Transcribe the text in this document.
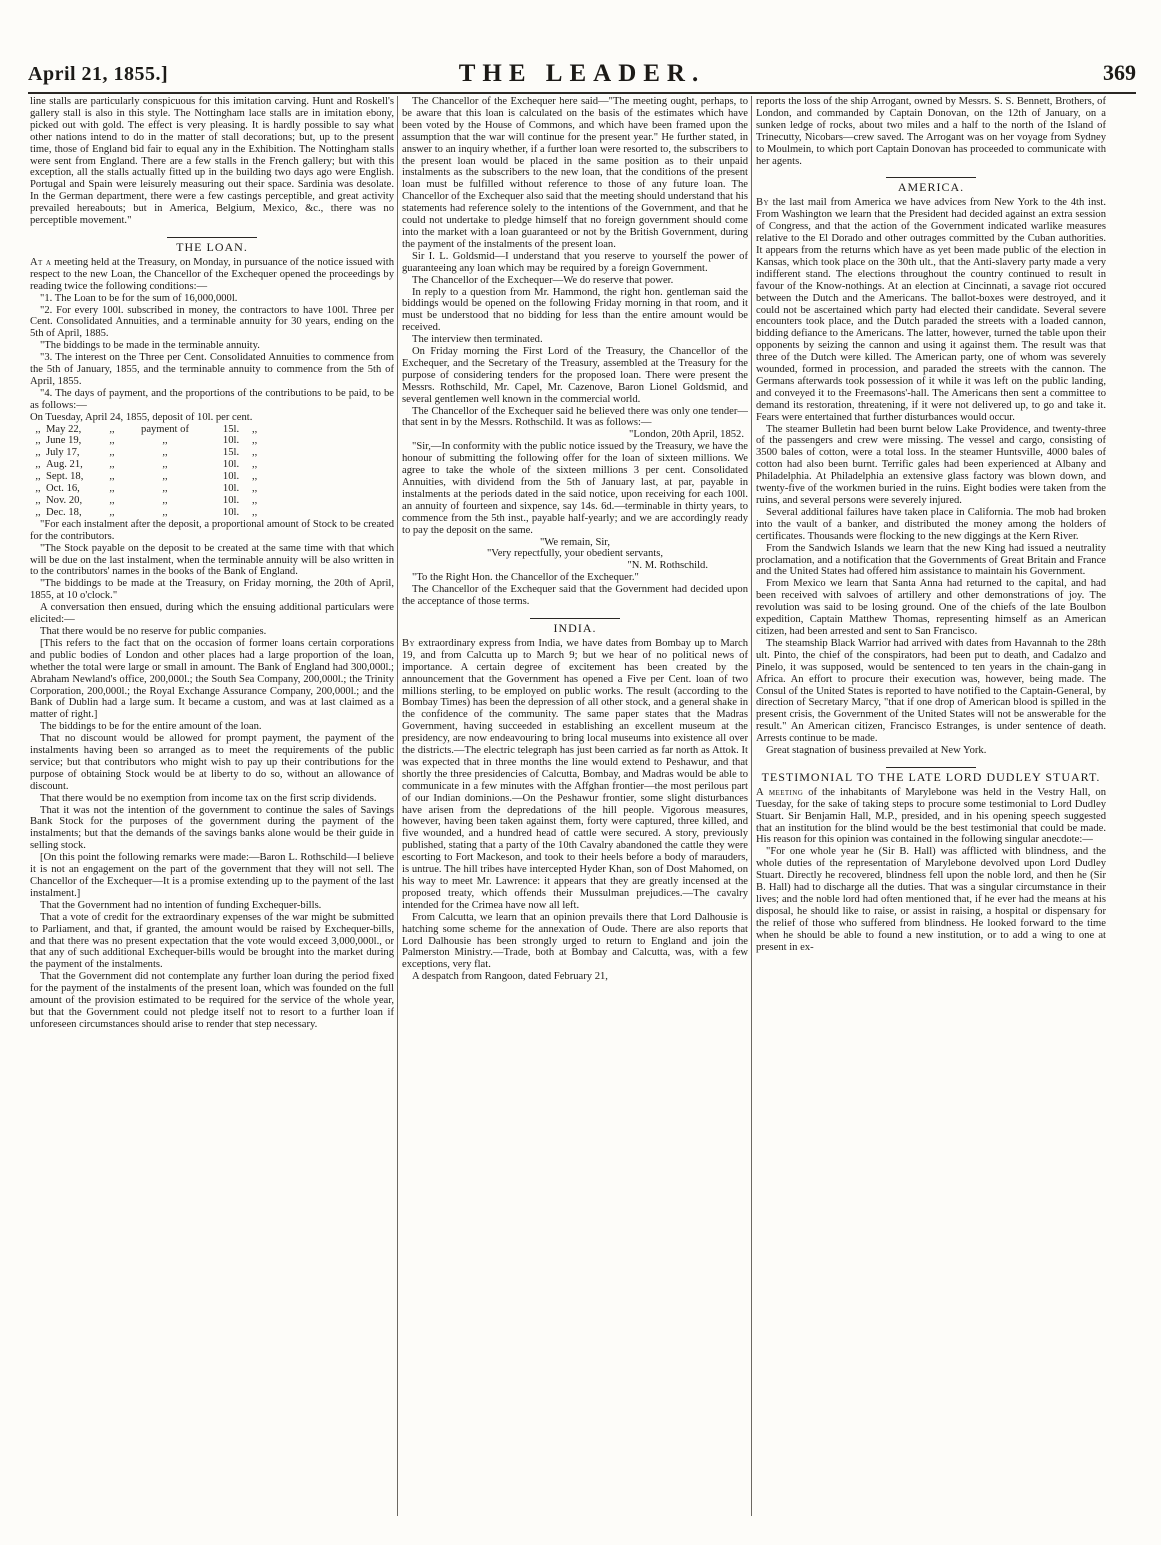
April 21, 1855.]	THE LEADER.	369

line stalls are particularly conspicuous for this imitation carving. Hunt and Roskell's gallery stall is also in this style. The Nottingham lace stalls are in imitation ebony, picked out with gold. The effect is very pleasing. It is hardly possible to say what other nations intend to do in the matter of stall decorations; but, up to the present time, those of England bid fair to equal any in the Exhibition. The Nottingham stalls were sent from England. There are a few stalls in the French gallery; but with this exception, all the stalls actually fitted up in the building two days ago were English. Portugal and Spain were leisurely measuring out their space. Sardinia was desolate. In the German department, there were a few castings perceptible, and great activity prevailed hereabouts; but in America, Belgium, Mexico, &c., there was no perceptible movement."

THE LOAN.

At a meeting held at the Treasury, on Monday, in pursuance of the notice issued with respect to the new Loan, the Chancellor of the Exchequer opened the proceedings by reading twice the following conditions:—

"1. The Loan to be for the sum of 16,000,000l.

"2. For every 100l. subscribed in money, the contractors to have 100l. Three per Cent. Consolidated Annuities, and a terminable annuity for 30 years, ending on the 5th of April, 1885.

"The biddings to be made in the terminable annuity.

"3. The interest on the Three per Cent. Consolidated Annuities to commence from the 5th of January, 1855, and the terminable annuity to commence from the 5th of April, 1855.

"4. The days of payment, and the proportions of the contributions to be paid, to be as follows:—

On Tuesday, April 24, 1855, deposit of 10l. per cent.

,,	May 22,	,,	payment of	15l.	,,
,,	June 19,	,,	,,	10l.	,,
,,	July 17,	,,	,,	15l.	,,
,,	Aug. 21,	,,	,,	10l.	,,
,,	Sept. 18,	,,	,,	10l.	,,
,,	Oct. 16,	,,	,,	10l.	,,
,,	Nov. 20,	,,	,,	10l.	,,
,,	Dec. 18,	,,	,,	10l.	,,

"For each instalment after the deposit, a proportional amount of Stock to be created for the contributors.

"The Stock payable on the deposit to be created at the same time with that which will be due on the last instalment, when the terminable annuity will be also written in to the contributors' names in the books of the Bank of England.

"The biddings to be made at the Treasury, on Friday morning, the 20th of April, 1855, at 10 o'clock."

A conversation then ensued, during which the ensuing additional particulars were elicited:—

That there would be no reserve for public companies.

[This refers to the fact that on the occasion of former loans certain corporations and public bodies of London and other places had a large proportion of the loan, whether the total were large or small in amount. The Bank of England had 300,000l.; Abraham Newland's office, 200,000l.; the South Sea Company, 200,000l.; the Trinity Corporation, 200,000l.; the Royal Exchange Assurance Company, 200,000l.; and the Bank of Dublin had a large sum. It became a custom, and was at last claimed as a matter of right.]

The biddings to be for the entire amount of the loan.

That no discount would be allowed for prompt payment, the payment of the instalments having been so arranged as to meet the requirements of the public service; but that contributors who might wish to pay up their contributions for the purpose of obtaining Stock would be at liberty to do so, without an allowance of discount.

That there would be no exemption from income tax on the first scrip dividends.

That it was not the intention of the government to continue the sales of Savings Bank Stock for the purposes of the government during the payment of the instalments; but that the demands of the savings banks alone would be their guide in selling stock.

[On this point the following remarks were made:—Baron L. Rothschild—I believe it is not an engagement on the part of the government that they will not sell. The Chancellor of the Exchequer—It is a promise extending up to the payment of the last instalment.]

That the Government had no intention of funding Exchequer-bills.

That a vote of credit for the extraordinary expenses of the war might be submitted to Parliament, and that, if granted, the amount would be raised by Exchequer-bills, and that there was no present expectation that the vote would exceed 3,000,000l., or that any of such additional Exchequer-bills would be brought into the market during the payment of the instalments.

That the Government did not contemplate any further loan during the period fixed for the payment of the instalments of the present loan, which was founded on the full amount of the provision estimated to be required for the service of the whole year, but that the Government could not pledge itself not to resort to a further loan if unforeseen circumstances should arise to render that step necessary.

The Chancellor of the Exchequer here said—"The meeting ought, perhaps, to be aware that this loan is calculated on the basis of the estimates which have been voted by the House of Commons, and which have been framed upon the assumption that the war will continue for the present year." He further stated, in answer to an inquiry whether, if a further loan were resorted to, the subscribers to the present loan would be placed in the same position as to their unpaid instalments as the subscribers to the new loan, that the conditions of the present loan must be fulfilled without reference to those of any future loan. The Chancellor of the Exchequer also said that the meeting should understand that his statements had reference solely to the intentions of the Government, and that he could not undertake to pledge himself that no foreign government should come into the market with a loan guaranteed or not by the British Government, during the payment of the instalments of the present loan.

Sir I. L. Goldsmid—I understand that you reserve to yourself the power of guaranteeing any loan which may be required by a foreign Government.

The Chancellor of the Exchequer—We do reserve that power.

In reply to a question from Mr. Hammond, the right hon. gentleman said the biddings would be opened on the following Friday morning in that room, and it must be understood that no bidding for less than the entire amount would be received.

The interview then terminated.

On Friday morning the First Lord of the Treasury, the Chancellor of the Exchequer, and the Secretary of the Treasury, assembled at the Treasury for the purpose of considering tenders for the proposed loan. There were present the Messrs. Rothschild, Mr. Capel, Mr. Cazenove, Baron Lionel Goldsmid, and several gentlemen well known in the commercial world.

The Chancellor of the Exchequer said he believed there was only one tender—that sent in by the Messrs. Rothschild. It was as follows:—

"London, 20th April, 1852.

"Sir,—In conformity with the public notice issued by the Treasury, we have the honour of submitting the following offer for the loan of sixteen millions. We agree to take the whole of the sixteen millions 3 per cent. Consolidated Annuities, with dividend from the 5th of January last, at par, payable in instalments at the periods dated in the said notice, upon receiving for each 100l. an annuity of fourteen and sixpence, say 14s. 6d.—terminable in thirty years, to commence from the 5th inst., payable half-yearly; and we are accordingly ready to pay the deposit on the same.

"We remain, Sir,

"Very repectfully, your obedient servants,

"N. M. Rothschild.

"To the Right Hon. the Chancellor of the Exchequer."

The Chancellor of the Exchequer said that the Government had decided upon the acceptance of those terms.

INDIA.

By extraordinary express from India, we have dates from Bombay up to March 19, and from Calcutta up to March 9; but we hear of no political news of importance. A certain degree of excitement has been created by the announcement that the Government has opened a Five per Cent. loan of two millions sterling, to be employed on public works. The result (according to the Bombay Times) has been the depression of all other stock, and a general shake in the confidence of the community. The same paper states that the Madras Government, having succeeded in establishing an excellent museum at the presidency, are now endeavouring to bring local museums into existence all over the districts.—The electric telegraph has just been carried as far north as Attok. It was expected that in three months the line would extend to Peshawur, and that shortly the three presidencies of Calcutta, Bombay, and Madras would be able to communicate in a few minutes with the Affghan frontier—the most perilous part of our Indian dominions.—On the Peshawur frontier, some slight disturbances have arisen from the depredations of the hill people. Vigorous measures, however, having been taken against them, forty were captured, three killed, and five wounded, and a hundred head of cattle were secured. A story, previously published, stating that a party of the 10th Cavalry abandoned the cattle they were escorting to Fort Mackeson, and took to their heels before a body of marauders, is untrue. The hill tribes have intercepted Hyder Khan, son of Dost Mahomed, on his way to meet Mr. Lawrence: it appears that they are greatly incensed at the proposed treaty, which offends their Mussulman prejudices.—The cavalry intended for the Crimea have now all left.

From Calcutta, we learn that an opinion prevails there that Lord Dalhousie is hatching some scheme for the annexation of Oude. There are also reports that Lord Dalhousie has been strongly urged to return to England and join the Palmerston Ministry.—Trade, both at Bombay and Calcutta, was, with a few exceptions, very flat.

A despatch from Rangoon, dated February 21,

reports the loss of the ship Arrogant, owned by Messrs. S. S. Bennett, Brothers, of London, and commanded by Captain Donovan, on the 12th of January, on a sunken ledge of rocks, about two miles and a half to the north of the Island of Trinecutty, Nicobars—crew saved. The Arrogant was on her voyage from Sydney to Moulmein, to which port Captain Donovan has proceeded to communicate with her agents.

AMERICA.

By the last mail from America we have advices from New York to the 4th inst. From Washington we learn that the President had decided against an extra session of Congress, and that the action of the Government indicated warlike measures relative to the El Dorado and other outrages committed by the Cuban authorities. It appears from the returns which have as yet been made public of the election in Kansas, which took place on the 30th ult., that the Anti-slavery party made a very indifferent stand. The elections throughout the country continued to result in favour of the Know-nothings. At an election at Cincinnati, a savage riot occured between the Dutch and the Americans. The ballot-boxes were destroyed, and it could not be ascertained which party had elected their candidate. Several severe encounters took place, and the Dutch paraded the streets with a loaded cannon, bidding defiance to the Americans. The latter, however, turned the table upon their opponents by seizing the cannon and using it against them. The result was that three of the Dutch were killed. The American party, one of whom was severely wounded, formed in procession, and paraded the streets with the cannon. The Germans afterwards took possession of it while it was left on the public landing, and conveyed it to the Freemasons'-hall. The Americans then sent a committee to demand its restoration, threatening, if it were not delivered up, to go and take it. Fears were entertained that further disturbances would occur.

The steamer Bulletin had been burnt below Lake Providence, and twenty-three of the passengers and crew were missing. The vessel and cargo, consisting of 3500 bales of cotton, were a total loss. In the steamer Huntsville, 4000 bales of cotton had also been burnt. Terrific gales had been experienced at Albany and Philadelphia. At Philadelphia an extensive glass factory was blown down, and twenty-five of the workmen buried in the ruins. Eight bodies were taken from the ruins, and several persons were severely injured.

Several additional failures have taken place in California. The mob had broken into the vault of a banker, and distributed the money among the holders of certificates. Thousands were flocking to the new diggings at the Kern River.

From the Sandwich Islands we learn that the new King had issued a neutrality proclamation, and a notification that the Governments of Great Britain and France and the United States had offered him assistance to maintain his Government.

From Mexico we learn that Santa Anna had returned to the capital, and had been received with salvoes of artillery and other demonstrations of joy. The revolution was said to be losing ground. One of the chiefs of the late Boulbon expedition, Captain Matthew Thomas, representing himself as an American citizen, had been arrested and sent to San Francisco.

The steamship Black Warrior had arrived with dates from Havannah to the 28th ult. Pinto, the chief of the conspirators, had been put to death, and Cadalzo and Pinelo, it was supposed, would be sentenced to ten years in the chain-gang in Africa. An effort to procure their execution was, however, being made. The Consul of the United States is reported to have notified to the Captain-General, by direction of Secretary Marcy, "that if one drop of American blood is spilled in the present crisis, the Government of the United States will not be answerable for the result." An American citizen, Francisco Estranges, is under sentence of death. Arrests continue to be made.

Great stagnation of business prevailed at New York.

TESTIMONIAL TO THE LATE LORD DUDLEY STUART.

A meeting of the inhabitants of Marylebone was held in the Vestry Hall, on Tuesday, for the sake of taking steps to procure some testimonial to Lord Dudley Stuart. Sir Benjamin Hall, M.P., presided, and in his opening speech suggested that an institution for the blind would be the best testimonial that could be made. His reason for this opinion was contained in the following singular anecdote:—

"For one whole year he (Sir B. Hall) was afflicted with blindness, and the whole duties of the representation of Marylebone devolved upon Lord Dudley Stuart. Directly he recovered, blindness fell upon the noble lord, and then he (Sir B. Hall) had to discharge all the duties. That was a singular circumstance in their lives; and the noble lord had often mentioned that, if he ever had the means at his disposal, he should like to raise, or assist in raising, a hospital or dispensary for the relief of those who suffered from blindness. He looked forward to the time when he should be able to found a new institution, or to add a wing to one at present in ex-
